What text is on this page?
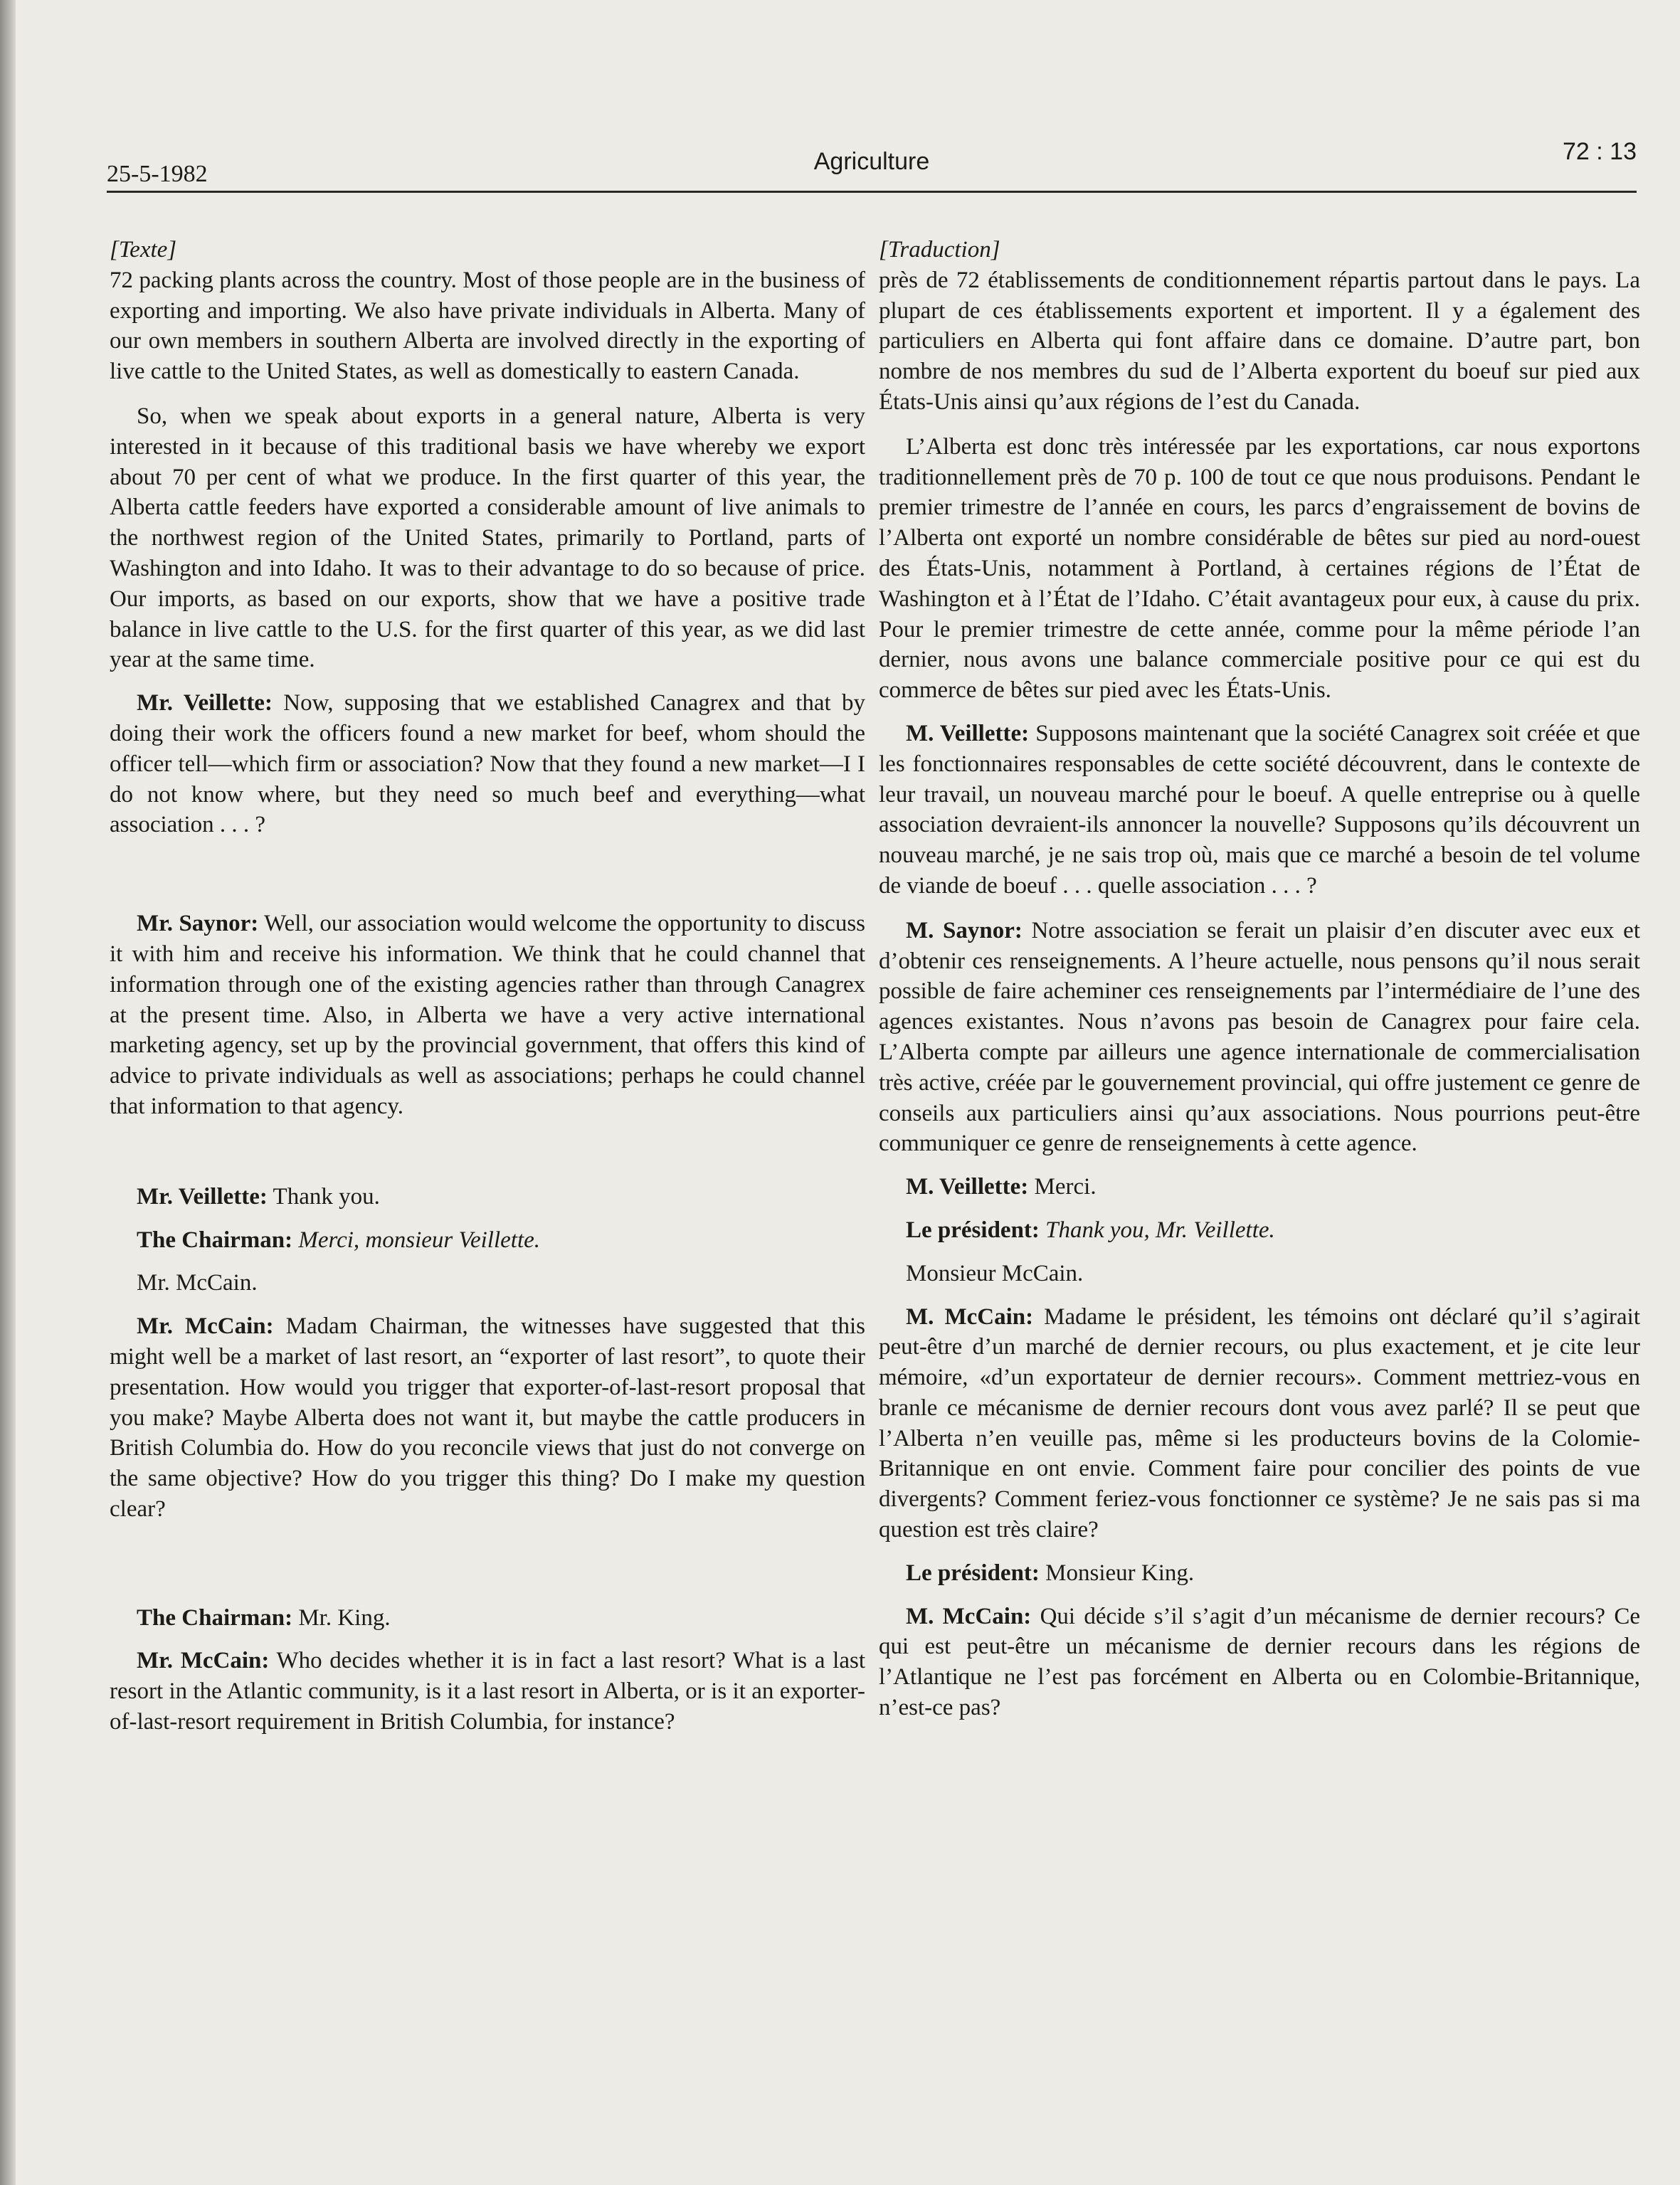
25-5-1982	Agriculture	72 : 13

[Texte]

72 packing plants across the country. Most of those people are in the business of exporting and importing. We also have private individuals in Alberta. Many of our own members in southern Alberta are involved directly in the exporting of live cattle to the United States, as well as domestically to eastern Canada.

So, when we speak about exports in a general nature, Alberta is very interested in it because of this traditional basis we have whereby we export about 70 per cent of what we produce. In the first quarter of this year, the Alberta cattle feeders have exported a considerable amount of live animals to the northwest region of the United States, primarily to Portland, parts of Washington and into Idaho. It was to their advantage to do so because of price. Our imports, as based on our exports, show that we have a positive trade balance in live cattle to the U.S. for the first quarter of this year, as we did last year at the same time.

Mr. Veillette: Now, supposing that we established Canagrex and that by doing their work the officers found a new market for beef, whom should the officer tell—which firm or association? Now that they found a new market—I I do not know where, but they need so much beef and everything—what association . . . ?

Mr. Saynor: Well, our association would welcome the opportunity to discuss it with him and receive his information. We think that he could channel that information through one of the existing agencies rather than through Canagrex at the present time. Also, in Alberta we have a very active international marketing agency, set up by the provincial government, that offers this kind of advice to private individuals as well as associations; perhaps he could channel that information to that agency.

Mr. Veillette: Thank you.

The Chairman: Merci, monsieur Veillette.

Mr. McCain.

Mr. McCain: Madam Chairman, the witnesses have suggested that this might well be a market of last resort, an “exporter of last resort”, to quote their presentation. How would you trigger that exporter-of-last-resort proposal that you make? Maybe Alberta does not want it, but maybe the cattle producers in British Columbia do. How do you reconcile views that just do not converge on the same objective? How do you trigger this thing? Do I make my question clear?

The Chairman: Mr. King.

Mr. McCain: Who decides whether it is in fact a last resort? What is a last resort in the Atlantic community, is it a last resort in Alberta, or is it an exporter-of-last-resort requirement in British Columbia, for instance?

[Traduction]

près de 72 établissements de conditionnement répartis partout dans le pays. La plupart de ces établissements exportent et importent. Il y a également des particuliers en Alberta qui font affaire dans ce domaine. D’autre part, bon nombre de nos membres du sud de l’Alberta exportent du boeuf sur pied aux États-Unis ainsi qu’aux régions de l’est du Canada.

L’Alberta est donc très intéressée par les exportations, car nous exportons traditionnellement près de 70 p. 100 de tout ce que nous produisons. Pendant le premier trimestre de l’année en cours, les parcs d’engraissement de bovins de l’Alberta ont exporté un nombre considérable de bêtes sur pied au nord-ouest des États-Unis, notamment à Portland, à certaines régions de l’État de Washington et à l’État de l’Idaho. C’était avantageux pour eux, à cause du prix. Pour le premier trimestre de cette année, comme pour la même période l’an dernier, nous avons une balance commerciale positive pour ce qui est du commerce de bêtes sur pied avec les États-Unis.

M. Veillette: Supposons maintenant que la société Canagrex soit créée et que les fonctionnaires responsables de cette société découvrent, dans le contexte de leur travail, un nouveau marché pour le boeuf. A quelle entreprise ou à quelle association devraient-ils annoncer la nouvelle? Supposons qu’ils découvrent un nouveau marché, je ne sais trop où, mais que ce marché a besoin de tel volume de viande de boeuf . . . quelle association . . . ?

M. Saynor: Notre association se ferait un plaisir d’en discuter avec eux et d’obtenir ces renseignements. A l’heure actuelle, nous pensons qu’il nous serait possible de faire acheminer ces renseignements par l’intermédiaire de l’une des agences existantes. Nous n’avons pas besoin de Canagrex pour faire cela. L’Alberta compte par ailleurs une agence internationale de commercialisation très active, créée par le gouvernement provincial, qui offre justement ce genre de conseils aux particuliers ainsi qu’aux associations. Nous pourrions peut-être communiquer ce genre de renseignements à cette agence.

M. Veillette: Merci.

Le président: Thank you, Mr. Veillette.

Monsieur McCain.

M. McCain: Madame le président, les témoins ont déclaré qu’il s’agirait peut-être d’un marché de dernier recours, ou plus exactement, et je cite leur mémoire, «d’un exportateur de dernier recours». Comment mettriez-vous en branle ce mécanisme de dernier recours dont vous avez parlé? Il se peut que l’Alberta n’en veuille pas, même si les producteurs bovins de la Colomie-Britannique en ont envie. Comment faire pour concilier des points de vue divergents? Comment feriez-vous fonctionner ce système? Je ne sais pas si ma question est très claire?

Le président: Monsieur King.

M. McCain: Qui décide s’il s’agit d’un mécanisme de dernier recours? Ce qui est peut-être un mécanisme de dernier recours dans les régions de l’Atlantique ne l’est pas forcément en Alberta ou en Colombie-Britannique, n’est-ce pas?
